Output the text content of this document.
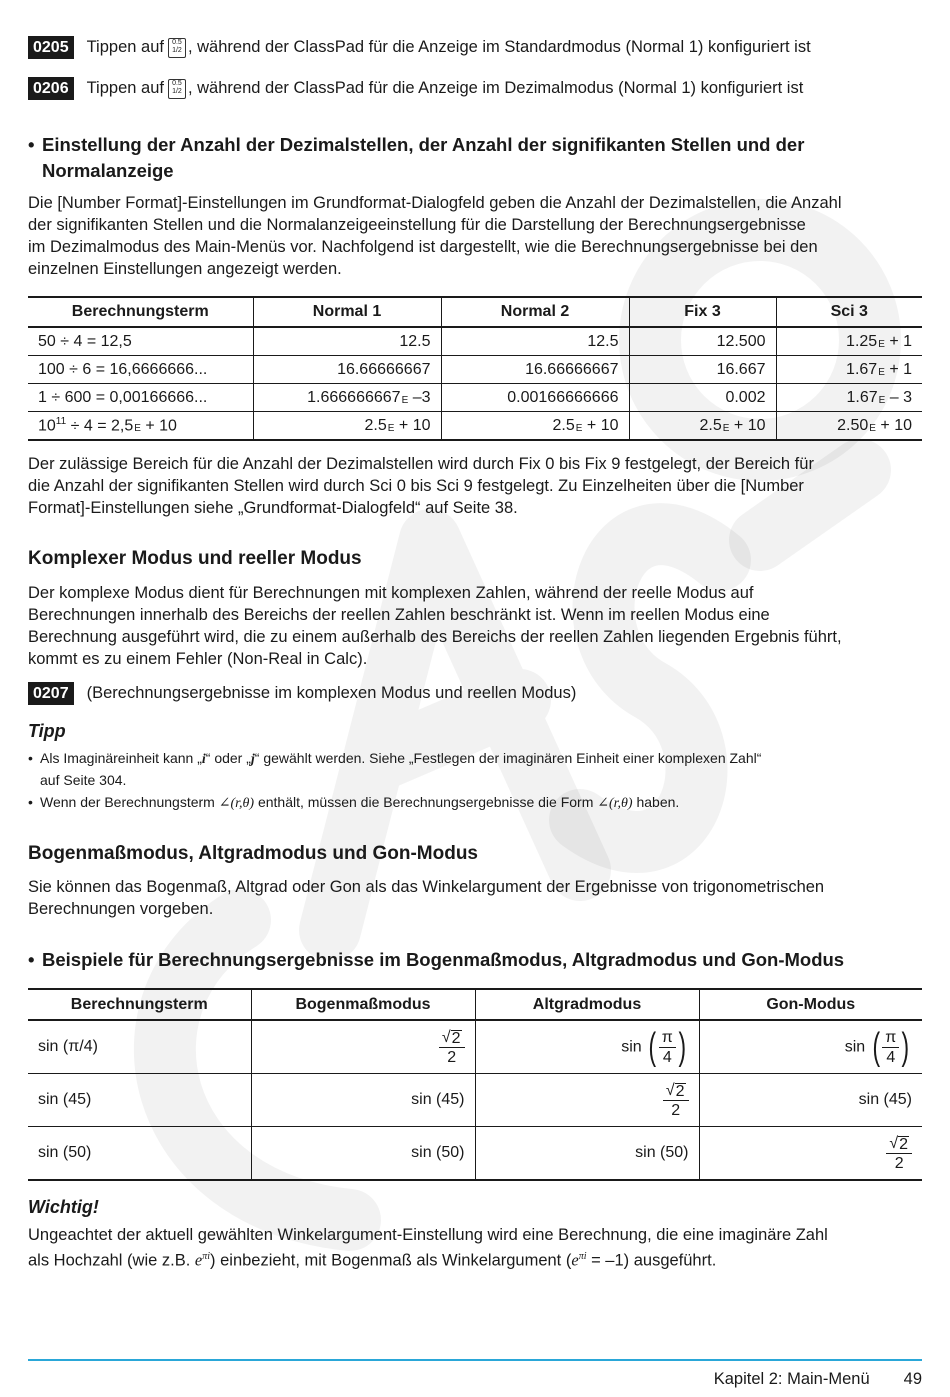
0205	Tippen auf	0.5
1/2 , während der ClassPad für die Anzeige im Standardmodus (Normal 1) konfiguriert ist
0206	Tippen auf	0.5
1/2 , während der ClassPad für die Anzeige im Dezimalmodus (Normal 1) konfiguriert ist
• Einstellung der Anzahl der Dezimalstellen, der Anzahl der signifikanten Stellen und der
Normalanzeige
Die [Number Format]-Einstellungen im Grundformat-Dialogfeld geben die Anzahl der Dezimalstellen, die Anzahl
der signifikanten Stellen und die Normalanzeigeeinstellung für die Darstellung der Berechnungsergebnisse
im Dezimalmodus des Main-Menüs vor. Nachfolgend ist dargestellt, wie die Berechnungsergebnisse bei den
einzelnen Einstellungen angezeigt werden.
Berechnungsterm	Normal 1	Normal 2	Fix 3	Sci 3
50 ÷ 4 = 12,5	12.5	12.5	12.500	1.25E + 1
100 ÷ 6 = 16,6666666...	16.66666667	16.66666667	16.667	1.67E + 1
1 ÷ 600 = 0,00166666...	1.666666667E –3	0.00166666666	0.002	1.67E – 3
$10^{11} \div 4 = 2,5E + 10$	2.5E + 10	2.5E + 10	2.5E + 10	2.50E + 10
Der zulässige Bereich für die Anzahl der Dezimalstellen wird durch Fix 0 bis Fix 9 festgelegt, der Bereich für
die Anzahl der signifikanten Stellen wird durch Sci 0 bis Sci 9 festgelegt. Zu Einzelheiten über die [Number
Format]-Einstellungen siehe „Grundformat-Dialogfeld“ auf Seite 38.
Komplexer Modus und reeller Modus
Der komplexe Modus dient für Berechnungen mit komplexen Zahlen, während der reelle Modus auf
Berechnungen innerhalb des Bereichs der reellen Zahlen beschränkt ist. Wenn im reellen Modus eine
Berechnung ausgeführt wird, die zu einem außerhalb des Bereichs der reellen Zahlen liegenden Ergebnis führt,
kommt es zu einem Fehler (Non-Real in Calc).
0207	(Berechnungsergebnisse im komplexen Modus und reellen Modus)
Tipp
• Als Imaginäreinheit kann „i“ oder „j“ gewählt werden. Siehe „Festlegen der imaginären Einheit einer komplexen Zahl“
auf Seite 304.
• Wenn der Berechnungsterm ∠(r,θ) enthält, müssen die Berechnungsergebnisse die Form ∠(r,θ) haben.
Bogenmaßmodus, Altgradmodus und Gon-Modus
Sie können das Bogenmaß, Altgrad oder Gon als das Winkelargument der Ergebnisse von trigonometrischen
Berechnungen vorgeben.
• Beispiele für Berechnungsergebnisse im Bogenmaßmodus, Altgradmodus und Gon-Modus
Berechnungsterm	Bogenmaßmodus	Altgradmodus	Gon-Modus
sin (π/4)	$\frac{√ 2}{2}$	sin ( $\frac{\pi}{4}$ )	sin ( $\frac{\pi}{4}$ )
sin (45)	sin (45)	$\frac{√ 2}{2}$	sin (45)
sin (50)	sin (50)	sin (50)	$\frac{√ 2}{2}$
Wichtig!
Ungeachtet der aktuell gewählten Winkelargument-Einstellung wird eine Berechnung, die eine imaginäre Zahl
als Hochzahl (wie z.B. $e^{\pi i}$) einbezieht, mit Bogenmaß als Winkelargument $(e^{\pi i} = -1)$ ausgeführt.
Kapitel 2: Main-Menü 49
